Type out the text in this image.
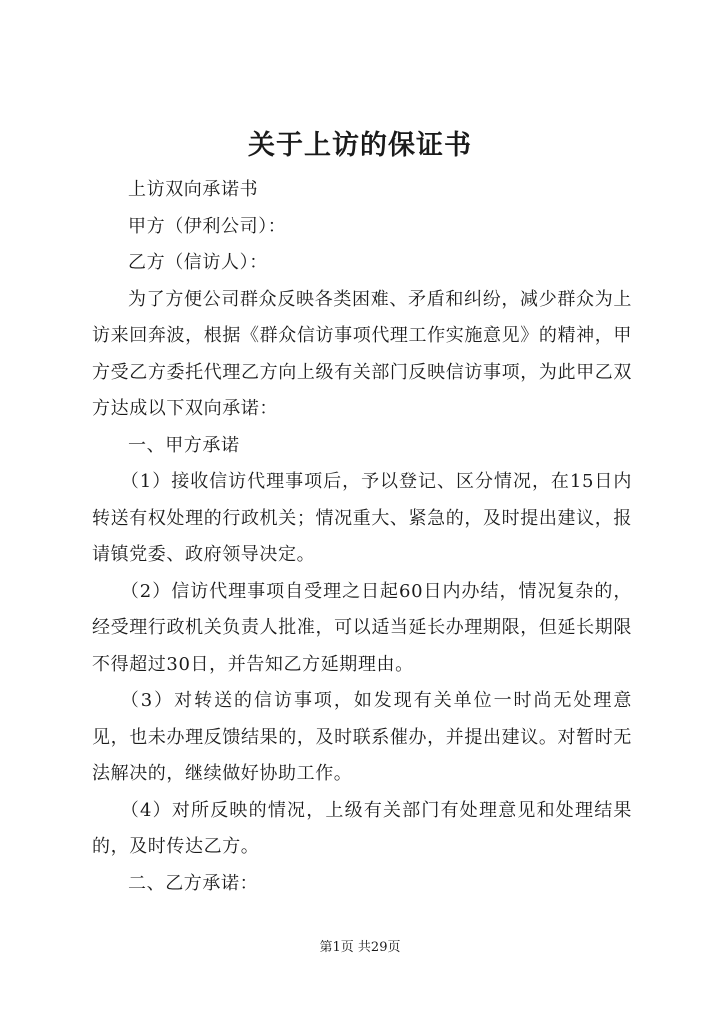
关于上访的保证书

上访双向承诺书

甲方（伊利公司）：

乙方（信访人）：

为了方便公司群众反映各类困难、矛盾和纠纷，减少群众为上访来回奔波，根据《群众信访事项代理工作实施意见》的精神，甲方受乙方委托代理乙方向上级有关部门反映信访事项，为此甲乙双方达成以下双向承诺：

一、甲方承诺

（1）接收信访代理事项后，予以登记、区分情况，在15日内转送有权处理的行政机关；情况重大、紧急的，及时提出建议，报请镇党委、政府领导决定。

（2）信访代理事项自受理之日起60日内办结，情况复杂的，经受理行政机关负责人批准，可以适当延长办理期限，但延长期限不得超过30日，并告知乙方延期理由。

（3）对转送的信访事项，如发现有关单位一时尚无处理意见，也未办理反馈结果的，及时联系催办，并提出建议。对暂时无法解决的，继续做好协助工作。

（4）对所反映的情况，上级有关部门有处理意见和处理结果的，及时传达乙方。

二、乙方承诺：

第1页 共29页
